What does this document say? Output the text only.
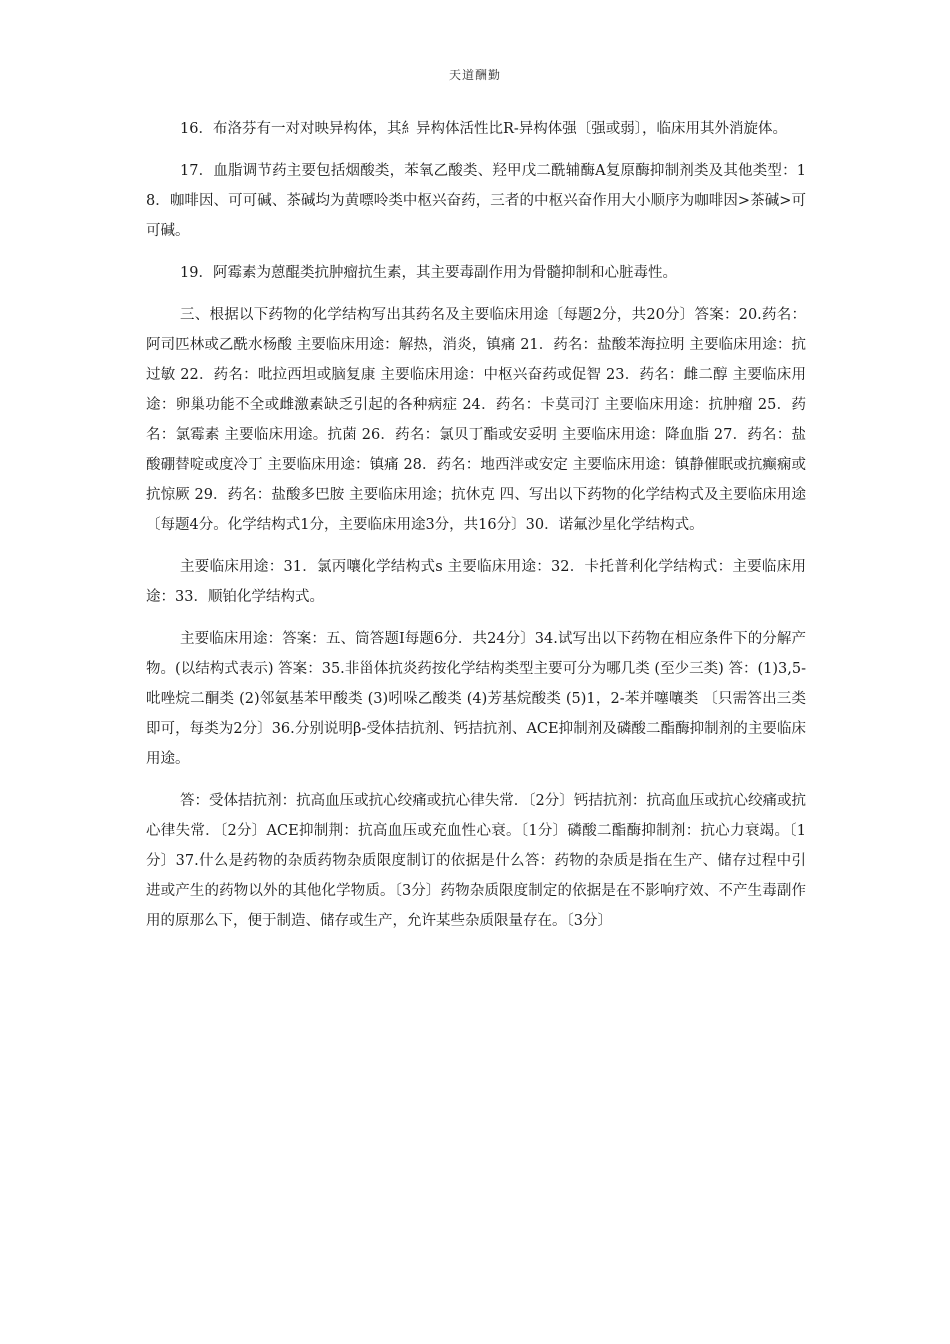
天道酬勤

16．布洛芬有一对对映异构体，其⺯异构体活性比R-异构体强〔强或弱〕，临床用其外消旋体。

17．血脂调节药主要包括烟酸类，苯氧乙酸类、羟甲戊二酰辅酶A复原酶抑制剂类及其他类型：18．咖啡因、可可碱、茶碱均为黄嘌呤类中枢兴奋药，三者的中枢兴奋作用大小顺序为咖啡因>茶碱>可可碱。

19．阿霉素为蒽醌类抗肿瘤抗生素，其主要毒副作用为骨髓抑制和心脏毒性。

三、根据以下药物的化学结构写出其药名及主要临床用途〔每题2分，共20分〕答案：20.药名：阿司匹林或乙酰水杨酸 主要临床用途：解热，消炎，镇痛 21．药名：盐酸苯海拉明 主要临床用途：抗过敏 22．药名：吡拉西坦或脑复康 主要临床用途：中枢兴奋药或促智 23．药名：雌二醇 主要临床用途：卵巢功能不全或雌激素缺乏引起的各种病症 24．药名：卡莫司汀 主要临床用途：抗肿瘤 25．药名：氯霉素 主要临床用途。抗菌 26．药名：氯贝丁酯或安妥明 主要临床用途：降血脂 27．药名：盐酸硼替啶或度冷丁 主要临床用途：镇痛 28．药名：地西泮或安定 主要临床用途：镇静催眠或抗癫痫或抗惊厥 29．药名：盐酸多巴胺 主要临床用途；抗休克 四、写出以下药物的化学结构式及主要临床用途〔每题4分。化学结构式1分，主要临床用途3分，共16分〕30．诺氟沙星化学结构式。

主要临床用途：31．氯丙嚷化学结构式s 主要临床用途：32．卡托普利化学结构式：主要临床用途：33．顺铂化学结构式。

主要临床用途：答案：五、筒答题I每题6分．共24分〕34.试写出以下药物在相应条件下的分解产物。(以结构式表示) 答案：35.非甾体抗炎药按化学结构类型主要可分为哪几类 (至少三类) 答：(1)3,5-吡唑烷二酮类 (2)邻氨基苯甲酸类 (3)吲哚乙酸类 (4)芳基烷酸类 (5)1，2-苯并噻嚷类 〔只需答出三类即可，每类为2分〕36.分别说明β-受体拮抗剂、钙拮抗剂、ACE抑制剂及磷酸二酯酶抑制剂的主要临床用途。

答：受体拮抗剂：抗高血压或抗心绞痛或抗心律失常．〔2分〕钙拮抗剂：抗高血压或抗心绞痛或抗心律失常．〔2分〕ACE抑制荆：抗高血压或充血性心衰。〔1分〕磷酸二酯酶抑制剂：抗心力衰竭。〔1分〕37.什么是药物的杂质药物杂质限度制订的依据是什么答：药物的杂质是指在生产、储存过程中引进或产生的药物以外的其他化学物质。〔3分〕药物杂质限度制定的依据是在不影响疗效、不产生毒副作用的原那么下，便于制造、储存或生产，允许某些杂质限量存在。〔3分〕
